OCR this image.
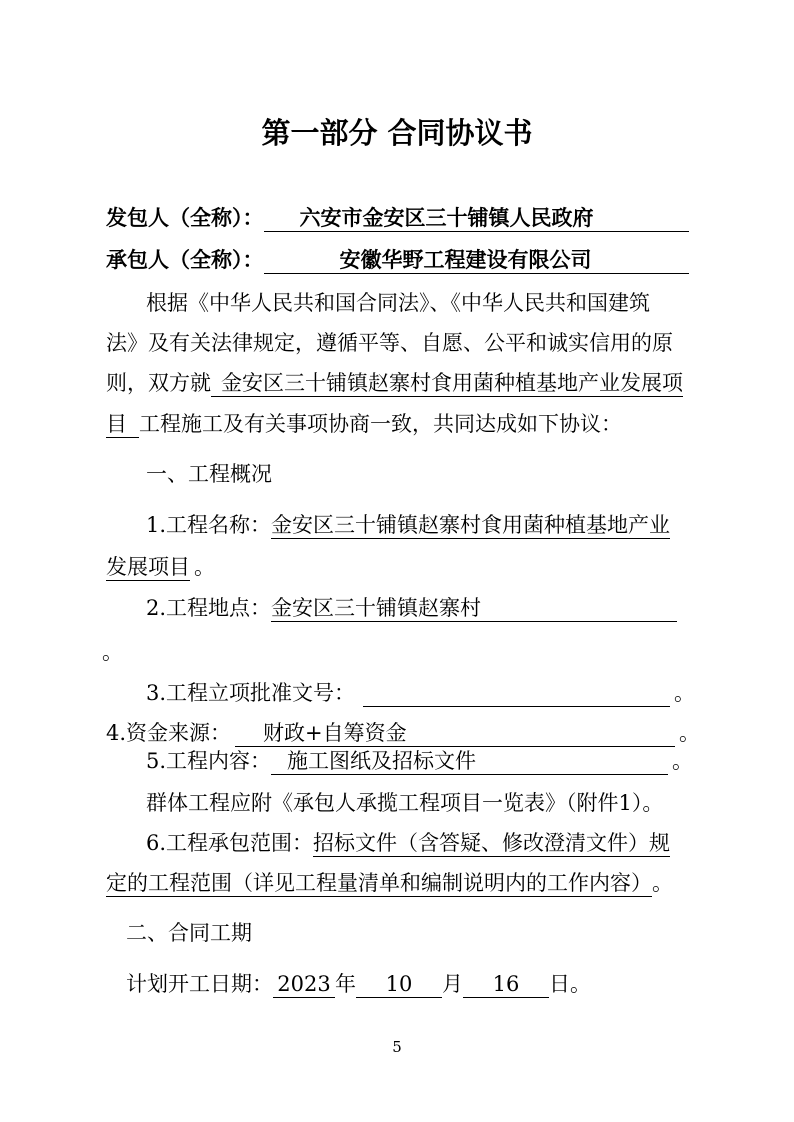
第一部分 合同协议书
发包人（全称）： 六安市金安区三十铺镇人民政府
承包人（全称）：	安徽华野工程建设有限公司
根据《中华人民共和国合同法》、《中华人民共和国建筑
法》及有关法律规定，遵循平等、自愿、公平和诚实信用的原
则，双方就 金安区三十铺镇赵寨村食用菌种植基地产业发展项
目 工程施工及有关事项协商一致，共同达成如下协议：
一、工程概况
1.工程名称：金安区三十铺镇赵寨村食用菌种植基地产业
发展项目 。
2.工程地点：金安区三十铺镇赵寨村
。
3.工程立项批准文号：	。
4.资金来源： 财政+自筹资金	。
5.工程内容： 施工图纸及招标文件	。
群体工程应附《承包人承揽工程项目一览表》（附件1）。
6.工程承包范围：招标文件（含答疑、修改澄清文件）规
定的工程范围（详见工程量清单和编制说明内的工作内容）。
二、合同工期
计划开工日期： 2023 年 10 月 16 日。
5
